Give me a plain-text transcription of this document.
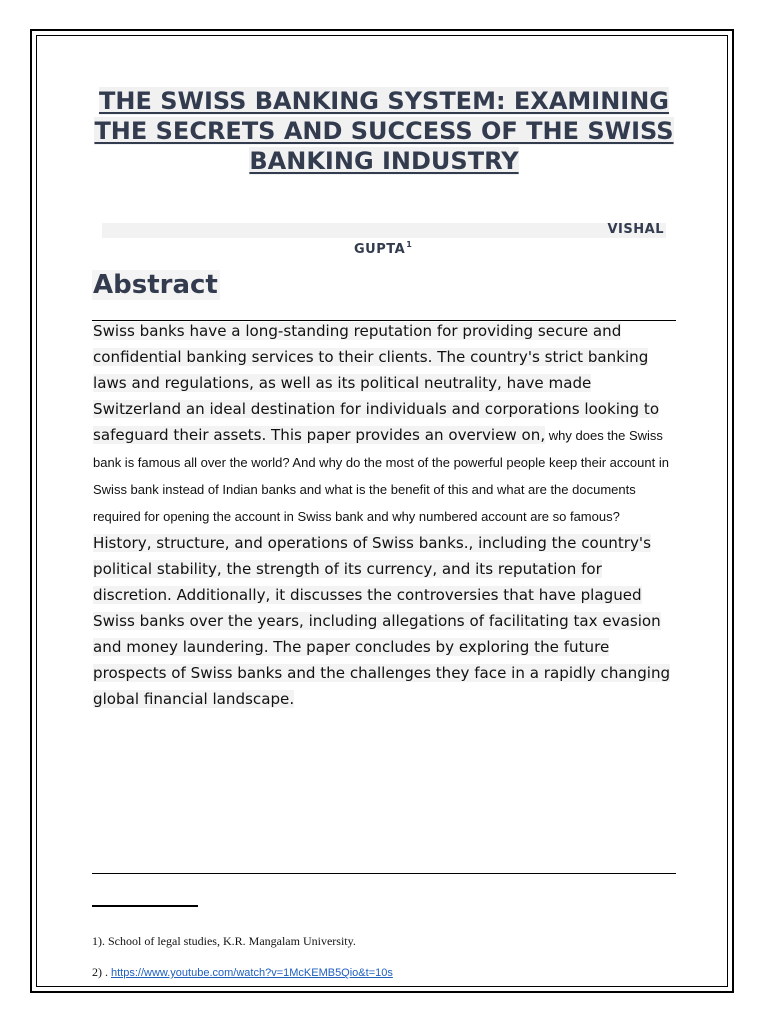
THE SWISS BANKING SYSTEM: EXAMINING THE SECRETS AND SUCCESS OF THE SWISS BANKING INDUSTRY
VISHAL
GUPTA$^1$
Abstract

Swiss banks have a long-standing reputation for providing secure and confidential banking services to their clients. The country's strict banking laws and regulations, as well as its political neutrality, have made Switzerland an ideal destination for individuals and corporations looking to safeguard their assets. This paper provides an overview on, why does the Swiss bank is famous all over the world? And why do the most of the powerful people keep their account in Swiss bank instead of Indian banks and what is the benefit of this and what are the documents required for opening the account in Swiss bank and why numbered account are so famous? History, structure, and operations of Swiss banks., including the country's political stability, the strength of its currency, and its reputation for discretion. Additionally, it discusses the controversies that have plagued Swiss banks over the years, including allegations of facilitating tax evasion and money laundering. The paper concludes by exploring the future prospects of Swiss banks and the challenges they face in a rapidly changing global financial landscape.

1). School of legal studies, K.R. Mangalam University.
2) . https://www.youtube.com/watch?v=1McKEMB5Qio&t=10s
